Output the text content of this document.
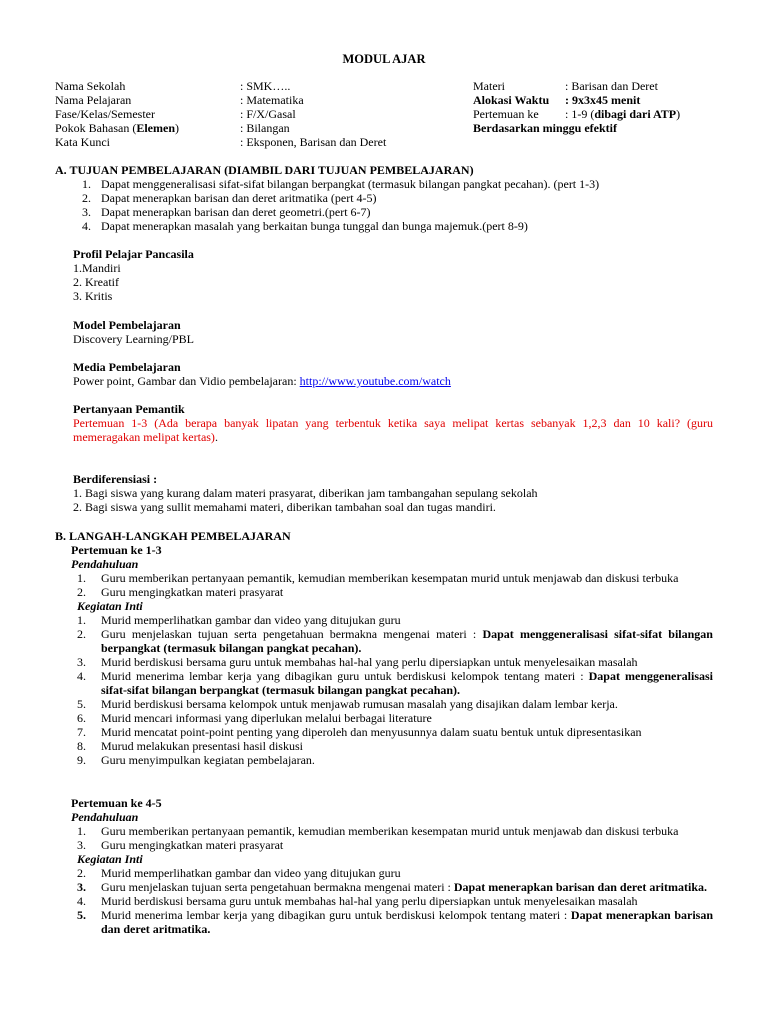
MODUL AJAR
Nama Sekolah	: SMK…..
Nama Pelajaran	: Matematika
Fase/Kelas/Semester	: F/X/Gasal
Pokok Bahasan (Elemen)	: Bilangan
Kata Kunci	: Eksponen, Barisan dan Deret
Materi	: Barisan dan Deret
Alokasi Waktu : 9x3x45 menit
Pertemuan ke : 1-9 (dibagi dari ATP)
Berdasarkan minggu efektif
A. TUJUAN PEMBELAJARAN (DIAMBIL DARI TUJUAN PEMBELAJARAN)
1. Dapat menggeneralisasi sifat-sifat bilangan berpangkat (termasuk bilangan pangkat pecahan). (pert 1-3)
2. Dapat menerapkan barisan dan deret aritmatika (pert 4-5)
3. Dapat menerapkan barisan dan deret geometri.(pert 6-7)
4. Dapat menerapkan masalah yang berkaitan bunga tunggal dan bunga majemuk.(pert 8-9)
Profil Pelajar Pancasila
1.Mandiri
2. Kreatif
3. Kritis
Model Pembelajaran
Discovery Learning/PBL
Media Pembelajaran
Power point, Gambar dan Vidio pembelajaran: http://www.youtube.com/watch
Pertanyaan Pemantik
Pertemuan 1-3 (Ada berapa banyak lipatan yang terbentuk ketika saya melipat kertas sebanyak 1,2,3 dan 10 kali? (guru memeragakan melipat kertas).
Berdiferensiasi :
1. Bagi siswa yang kurang dalam materi prasyarat, diberikan jam tambangahan sepulang sekolah
2. Bagi siswa yang sullit memahami materi, diberikan tambahan soal dan tugas mandiri.
B. LANGAH-LANGKAH PEMBELAJARAN
Pertemuan ke 1-3
Pendahuluan
1. Guru memberikan pertanyaan pemantik, kemudian memberikan kesempatan murid untuk menjawab dan diskusi terbuka
2. Guru mengingkatkan materi prasyarat
Kegiatan Inti
1. Murid memperlihatkan gambar dan video yang ditujukan guru
2. Guru menjelaskan tujuan serta pengetahuan bermakna mengenai materi : Dapat menggeneralisasi sifat-sifat bilangan berpangkat (termasuk bilangan pangkat pecahan).
3. Murid berdiskusi bersama guru untuk membahas hal-hal yang perlu dipersiapkan untuk menyelesaikan masalah
4. Murid menerima lembar kerja yang dibagikan guru untuk berdiskusi kelompok tentang materi : Dapat menggeneralisasi sifat-sifat bilangan berpangkat (termasuk bilangan pangkat pecahan).
5. Murid berdiskusi bersama kelompok untuk menjawab rumusan masalah yang disajikan dalam lembar kerja.
6. Murid mencari informasi yang diperlukan melalui berbagai literature
7. Murid mencatat point-point penting yang diperoleh dan menyusunnya dalam suatu bentuk untuk dipresentasikan
8. Murud melakukan presentasi hasil diskusi
9. Guru menyimpulkan kegiatan pembelajaran.
Pertemuan ke 4-5
Pendahuluan
1. Guru memberikan pertanyaan pemantik, kemudian memberikan kesempatan murid untuk menjawab dan diskusi terbuka
3. Guru mengingkatkan materi prasyarat
Kegiatan Inti
2. Murid memperlihatkan gambar dan video yang ditujukan guru
3. Guru menjelaskan tujuan serta pengetahuan bermakna mengenai materi : Dapat menerapkan barisan dan deret aritmatika.
4. Murid berdiskusi bersama guru untuk membahas hal-hal yang perlu dipersiapkan untuk menyelesaikan masalah
5. Murid menerima lembar kerja yang dibagikan guru untuk berdiskusi kelompok tentang materi : Dapat menerapkan barisan dan deret aritmatika.
